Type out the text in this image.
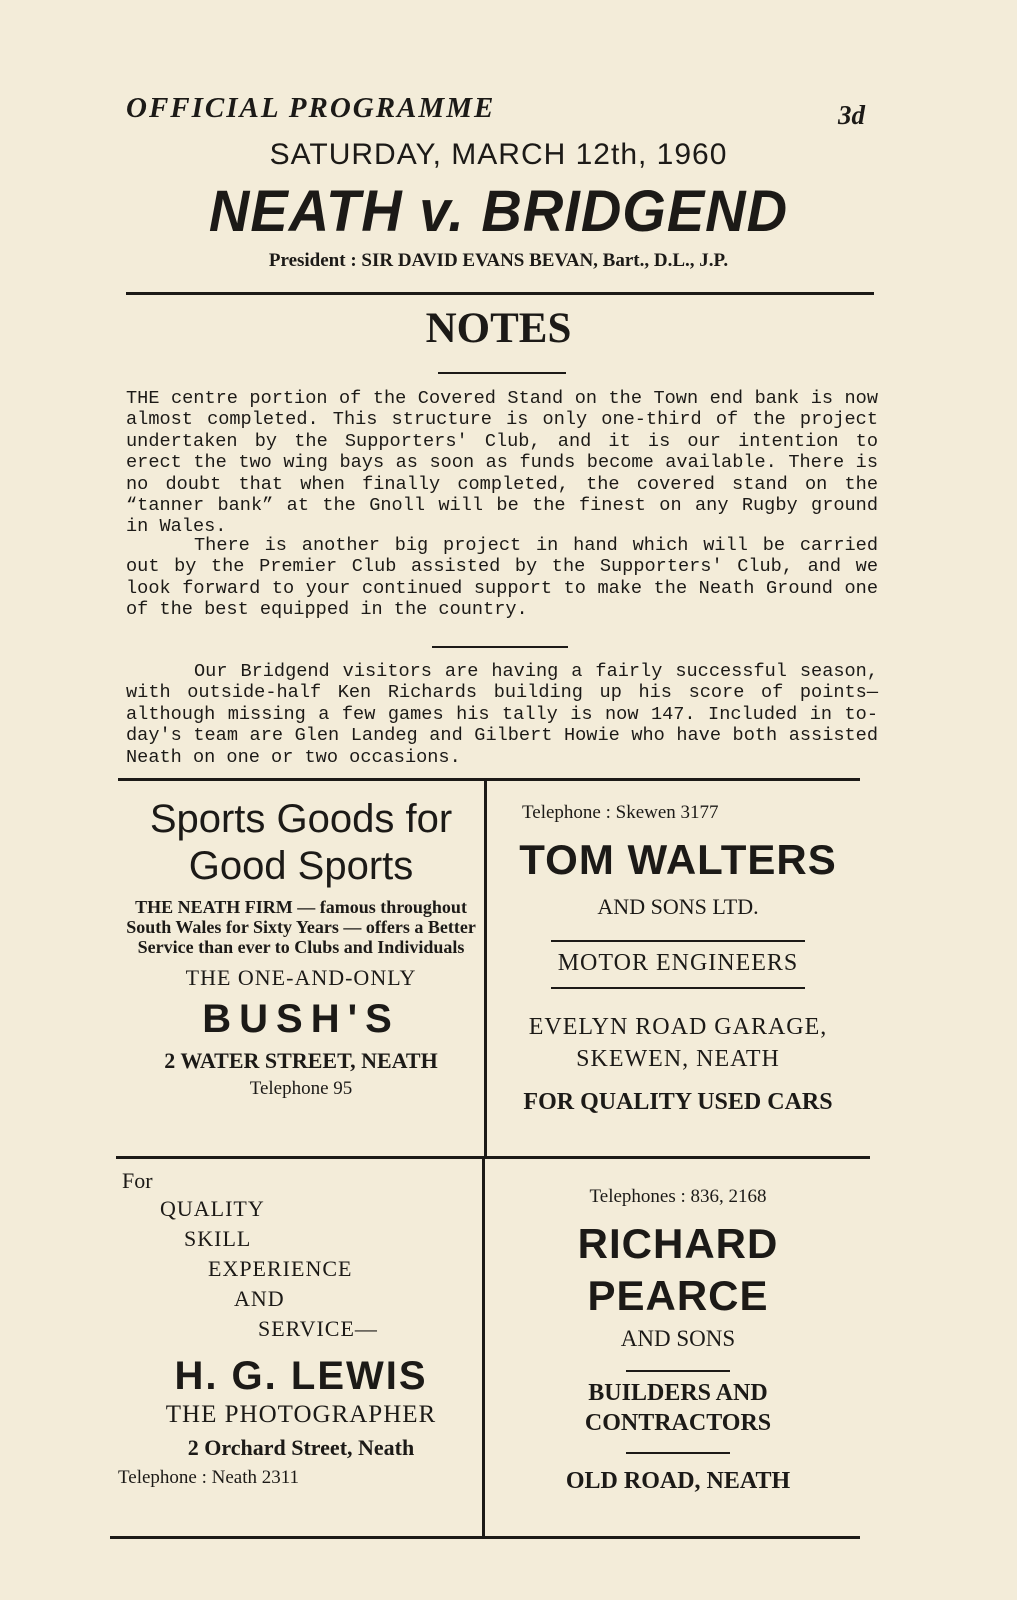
OFFICIAL PROGRAMME	3d
SATURDAY, MARCH 12th, 1960
NEATH v. BRIDGEND
President : SIR DAVID EVANS BEVAN, Bart., D.L., J.P.
NOTES

THE centre portion of the Covered Stand on the Town end bank is now almost completed. This structure is only one-third of the project undertaken by the Supporters' Club, and it is our intention to erect the two wing bays as soon as funds become available. There is no doubt that when finally completed, the covered stand on the “tanner bank” at the Gnoll will be the finest on any Rugby ground in Wales.

There is another big project in hand which will be carried out by the Premier Club assisted by the Supporters' Club, and we look forward to your continued support to make the Neath Ground one of the best equipped in the country.

Our Bridgend visitors are having a fairly successful season, with outside-half Ken Richards building up his score of points—although missing a few games his tally is now 147. Included in to-day's team are Glen Landeg and Gilbert Howie who have both assisted Neath on one or two occasions.

Sports Goods for
Good Sports
THE NEATH FIRM — famous throughout South Wales for Sixty Years — offers a Better Service than ever to Clubs and Individuals
THE ONE-AND-ONLY
BUSH'S
2 WATER STREET, NEATH
Telephone 95
Telephone : Skewen 3177
TOM WALTERS
AND SONS LTD.
MOTOR ENGINEERS
EVELYN ROAD GARAGE,
SKEWEN, NEATH
FOR QUALITY USED CARS
For
QUALITY
SKILL
EXPERIENCE
AND
SERVICE—
H. G. LEWIS
THE PHOTOGRAPHER
2 Orchard Street, Neath
Telephone : Neath 2311
Telephones : 836, 2168
RICHARD
PEARCE
AND SONS
BUILDERS AND
CONTRACTORS
OLD ROAD, NEATH
